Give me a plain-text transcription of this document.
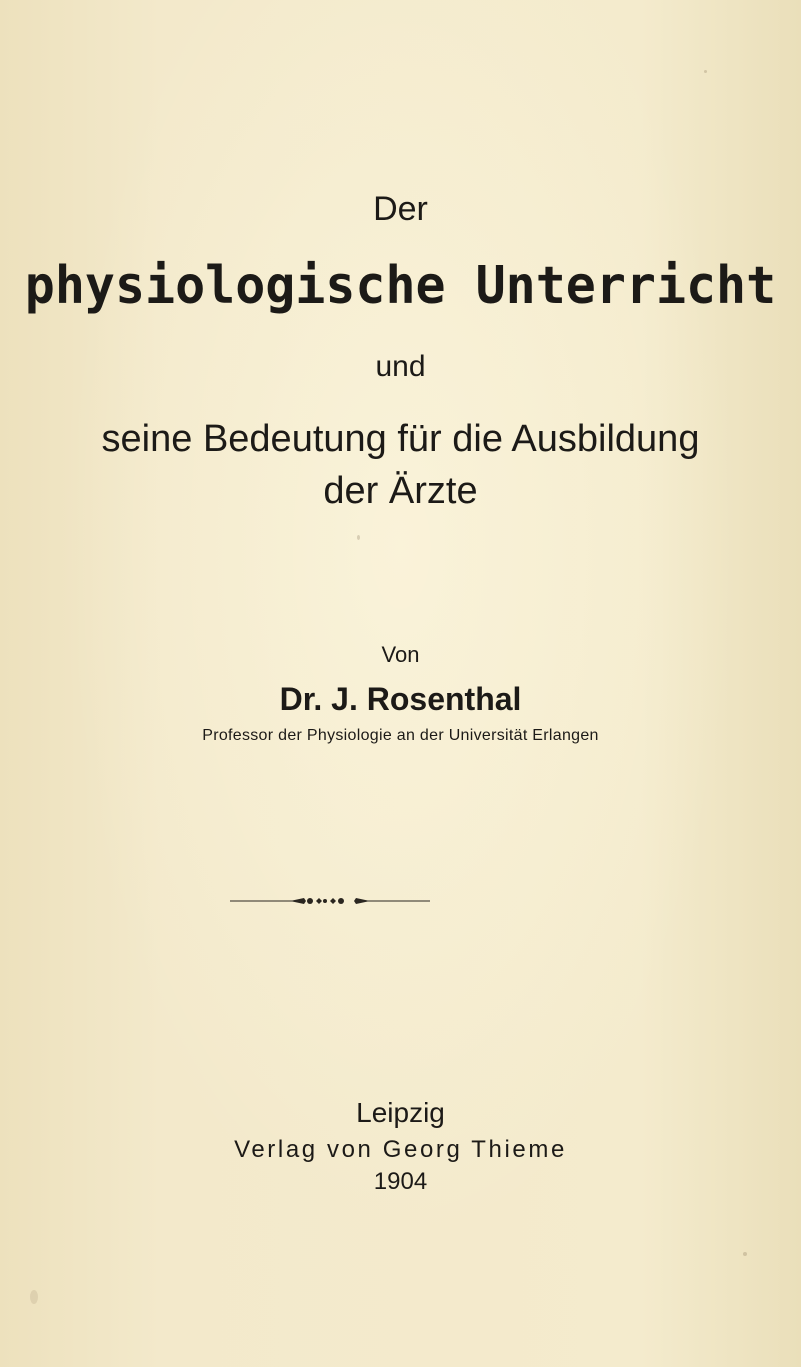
Der
physiologische Unterricht
und
seine Bedeutung für die Ausbildung
der Ärzte
Von
Dr. J. Rosenthal
Professor der Physiologie an der Universität Erlangen
Leipzig
Verlag von Georg Thieme
1904
